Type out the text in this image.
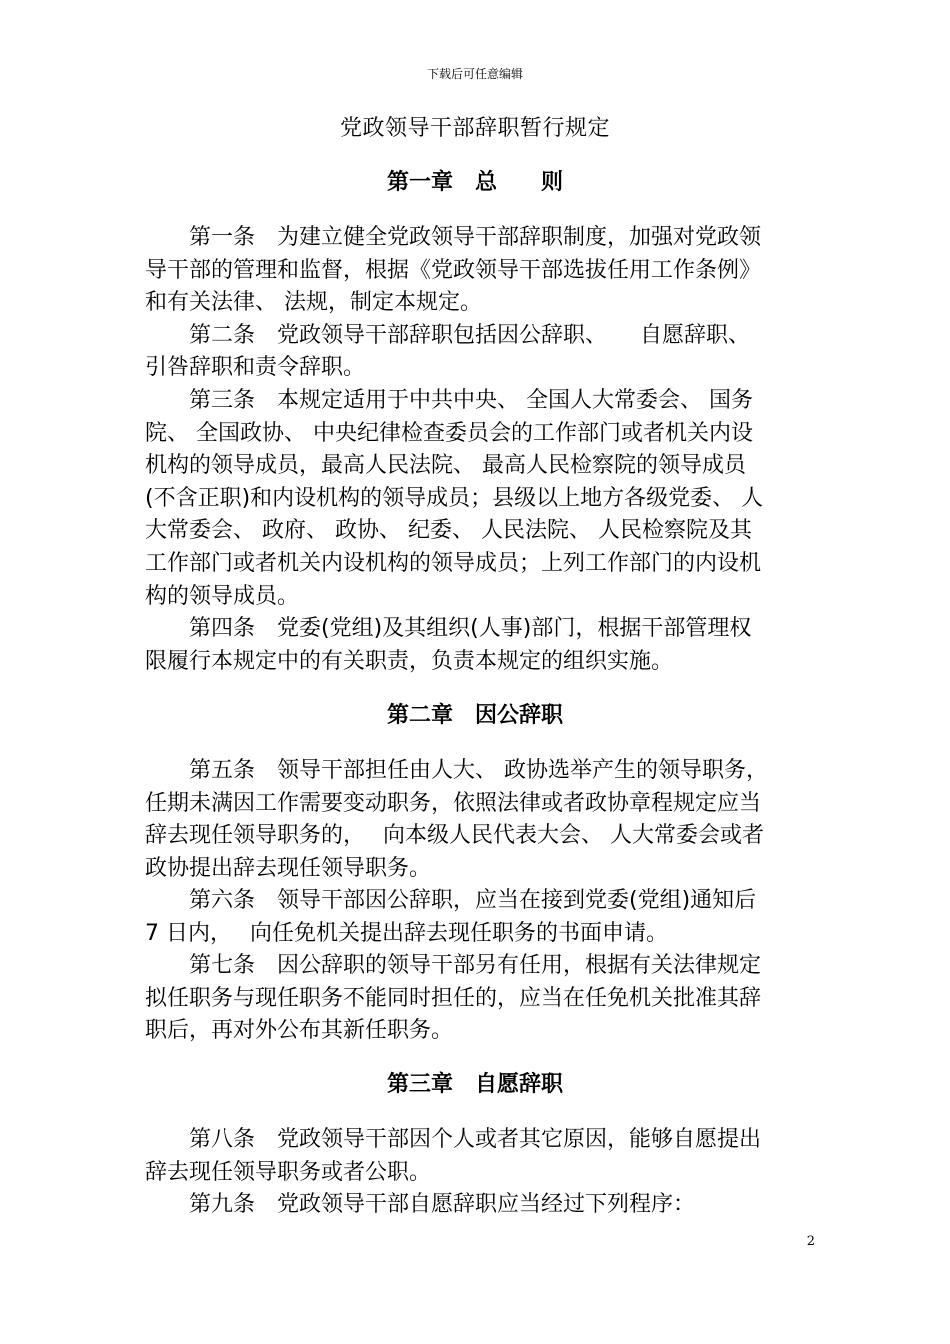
下载后可任意编辑
党政领导干部辞职暂行规定
第一章 总 则
第一条　为建立健全党政领导干部辞职制度，加强对党政领
导干部的管理和监督，根据《党政领导干部选拔任用工作条例》
和有关法律、 法规，制定本规定。
第二条　党政领导干部辞职包括因公辞职、　　自愿辞职、
引咎辞职和责令辞职。
第三条　本规定适用于中共中央、 全国人大常委会、 国务
院、 全国政协、 中央纪律检查委员会的工作部门或者机关内设
机构的领导成员，最高人民法院、 最高人民检察院的领导成员
(不含正职)和内设机构的领导成员；县级以上地方各级党委、 人
大常委会、 政府、 政协、 纪委、 人民法院、 人民检察院及其
工作部门或者机关内设机构的领导成员；上列工作部门的内设机
构的领导成员。
第四条　党委(党组)及其组织(人事)部门，根据干部管理权
限履行本规定中的有关职责，负责本规定的组织实施。
第二章 因公辞职
第五条　领导干部担任由人大、 政协选举产生的领导职务，
任期未满因工作需要变动职务，依照法律或者政协章程规定应当
辞去现任领导职务的，　 向本级人民代表大会、 人大常委会或者
政协提出辞去现任领导职务。
第六条　领导干部因公辞职，应当在接到党委(党组)通知后
7 日内，　 向任免机关提出辞去现任职务的书面申请。
第七条　因公辞职的领导干部另有任用，根据有关法律规定
拟任职务与现任职务不能同时担任的，应当在任免机关批准其辞
职后，再对外公布其新任职务。
第三章 自愿辞职
第八条　党政领导干部因个人或者其它原因，能够自愿提出
辞去现任领导职务或者公职。
第九条　党政领导干部自愿辞职应当经过下列程序：
2
